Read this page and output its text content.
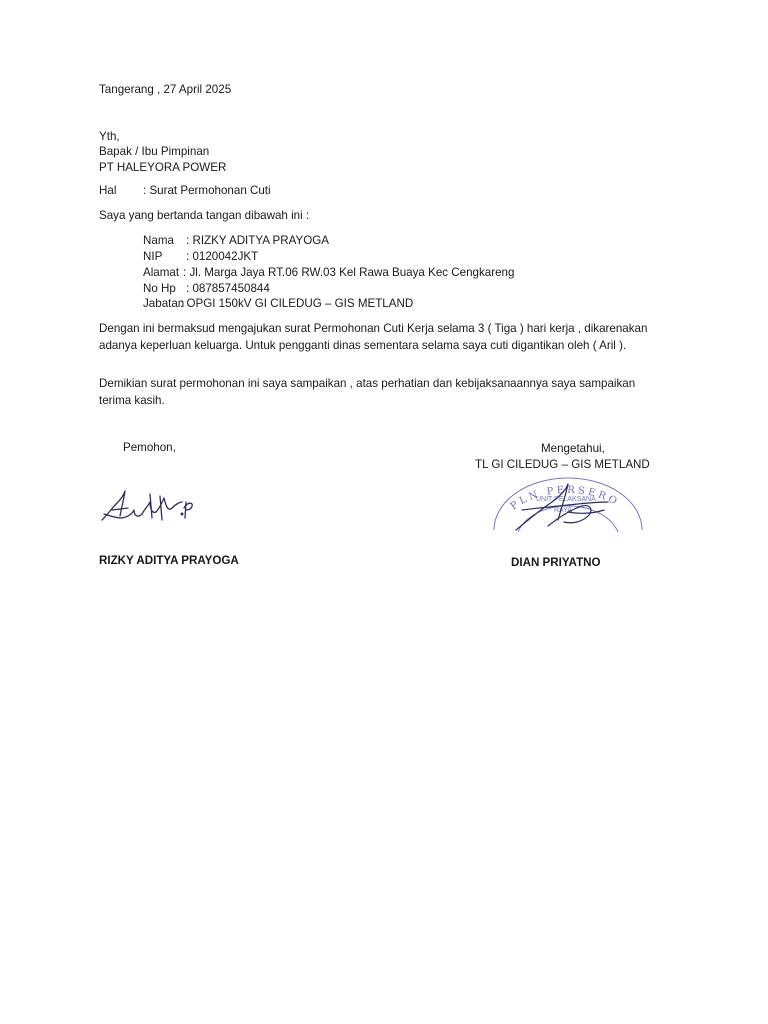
Tangerang , 27 April 2025
Yth,
Bapak / Ibu Pimpinan
PT HALEYORA POWER
Hal : Surat Permohonan Cuti
Saya yang bertanda tangan dibawah ini :
Nama : RIZKY ADITYA PRAYOGA
NIP : 0120042JKT
Alamat : Jl. Marga Jaya RT.06 RW.03 Kel Rawa Buaya Kec Cengkareng
No Hp : 087857450844
Jabatan: OPGI 150kV GI CILEDUG – GIS METLAND
Dengan ini bermaksud mengajukan surat Permohonan Cuti Kerja selama 3 ( Tiga ) hari kerja , dikarenakan adanya keperluan keluarga. Untuk pengganti dinas sementara selama saya cuti digantikan oleh ( Aril ).
Demikian surat permohonan ini saya sampaikan , atas perhatian dan kebijaksanaannya saya sampaikan terima kasih.
Pemohon,
RIZKY ADITYA PRAYOGA
Mengetahui,
TL GI CILEDUG – GIS METLAND
PLN PERSERO
UNIT PELAKSANA
RAYA
DIAN PRIYATNO
